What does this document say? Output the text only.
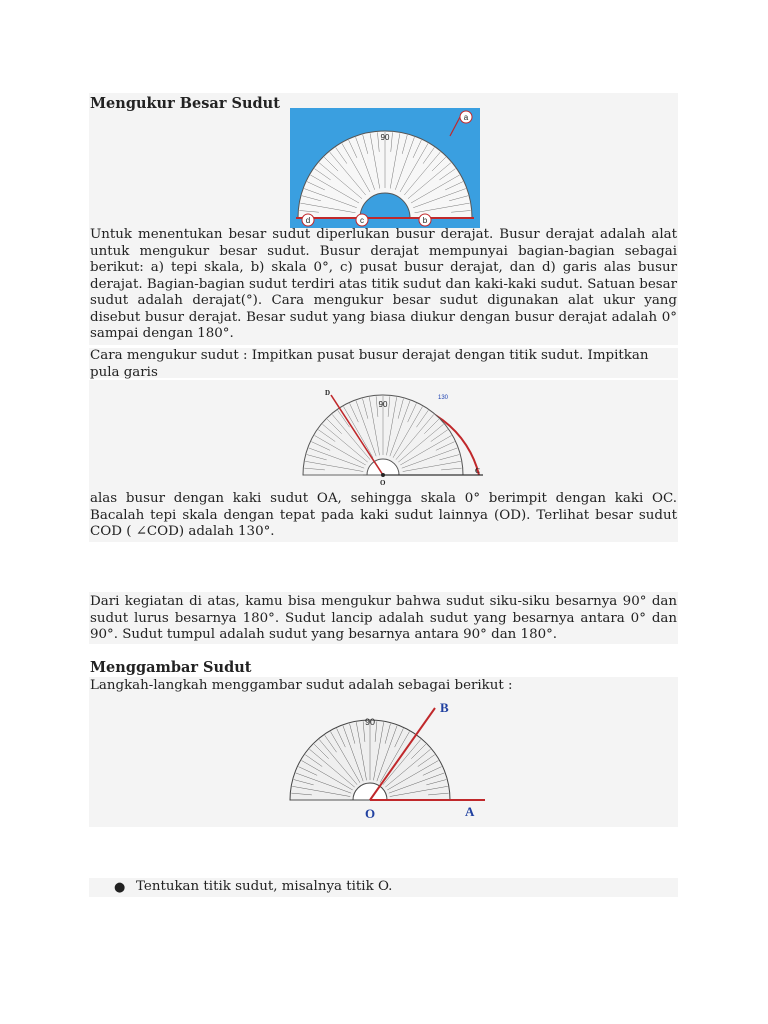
Mengukur Besar Sudut
90
a
d	c	b

Untuk menentukan besar sudut diperlukan busur derajat. Busur derajat adalah alat untuk mengukur besar sudut. Busur derajat mempunyai bagian-bagian sebagai berikut: a) tepi skala, b) skala 0°, c) pusat busur derajat, dan d) garis alas busur derajat. Bagian-bagian sudut terdiri atas titik sudut dan kaki-kaki sudut. Satuan besar sudut adalah derajat(°). Cara mengukur besar sudut digunakan alat ukur yang disebut busur derajat. Besar sudut yang biasa diukur dengan busur derajat adalah 0° sampai dengan 180°.

Cara mengukur sudut : Impitkan pusat busur derajat dengan titik sudut. Impitkan pula garis

90
D
O
C
130

alas busur dengan kaki sudut OA, sehingga skala 0° berimpit dengan kaki OC. Bacalah tepi skala dengan tepat pada kaki sudut lainnya (OD). Terlihat besar sudut COD ( ∠COD) adalah 130°.

Dari kegiatan di atas, kamu bisa mengukur bahwa sudut siku-siku besarnya 90° dan sudut lurus besarnya 180°. Sudut lancip adalah sudut yang besarnya antara 0° dan 90°. Sudut tumpul adalah sudut yang besarnya antara 90° dan 180°.

Menggambar Sudut

Langkah-langkah menggambar sudut adalah sebagai berikut :

90
B
O	A
● Tentukan titik sudut, misalnya titik O.
